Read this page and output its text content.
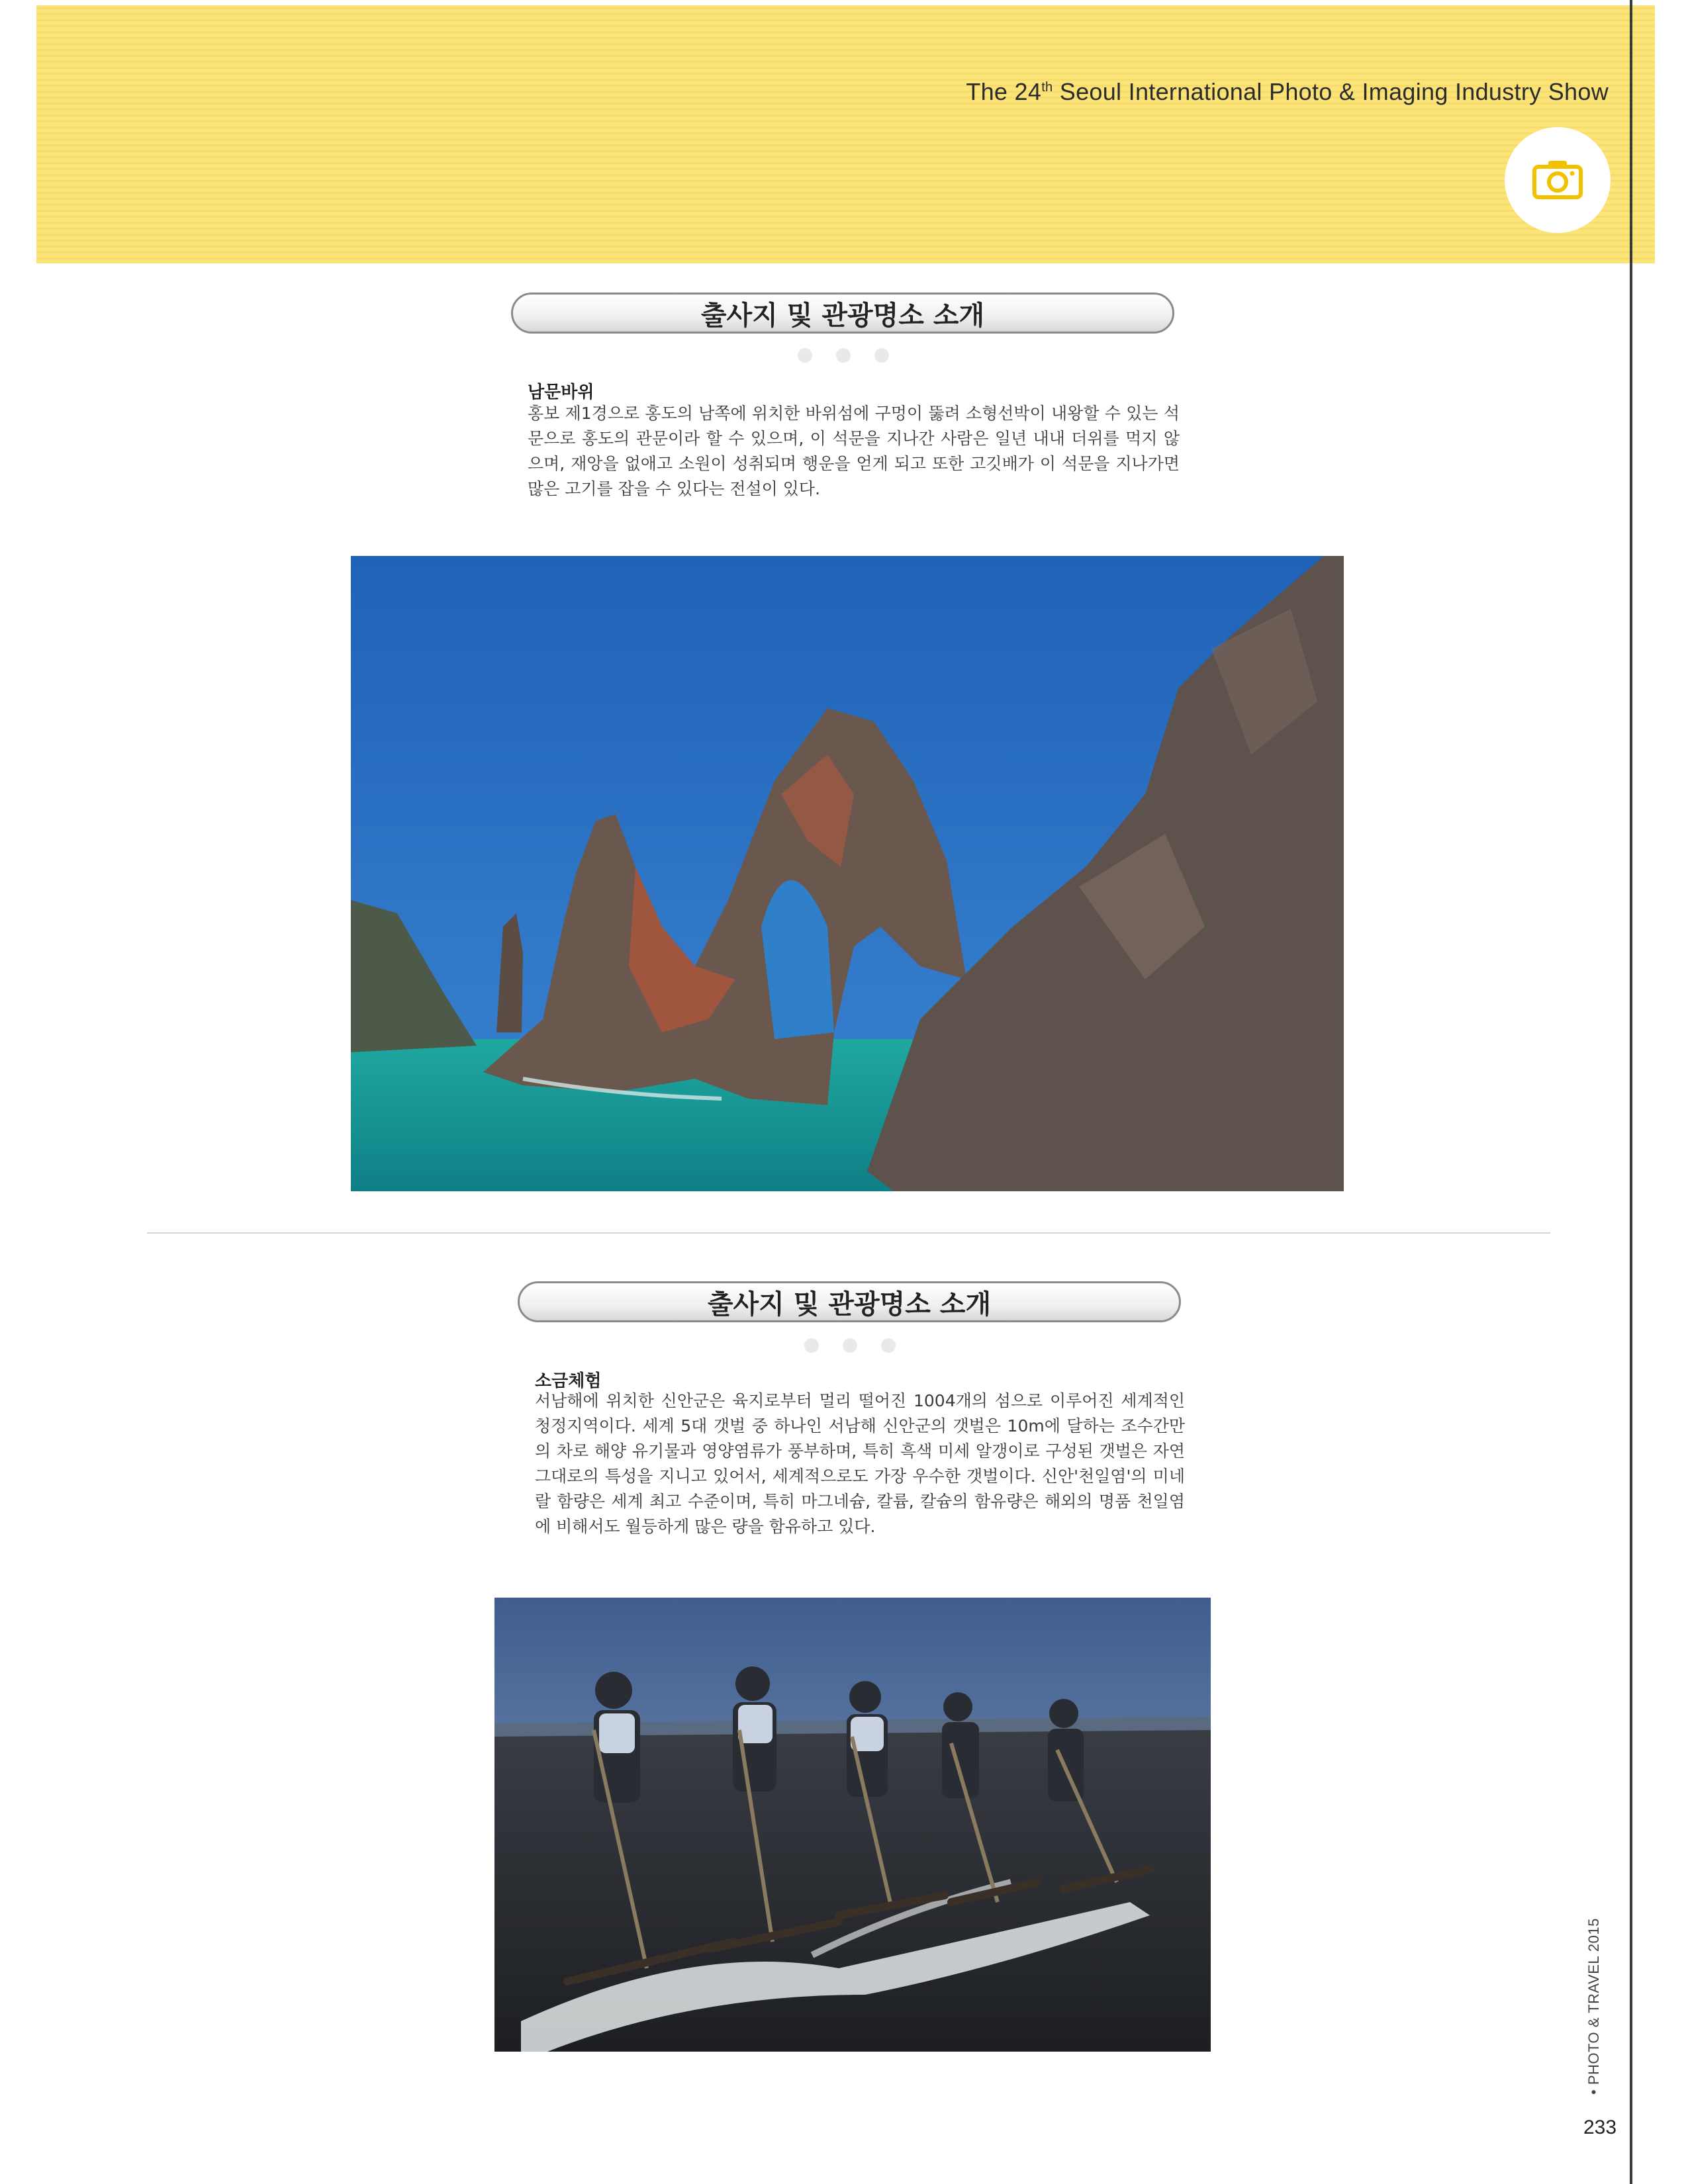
The 24th Seoul International Photo & Imaging Industry Show
출사지 및 관광명소 소개
남문바위
홍보 제1경으로 홍도의 남쪽에 위치한 바위섬에 구멍이 뚫려 소형선박이 내왕할 수 있는 석문으로 홍도의 관문이라 할 수 있으며, 이 석문을 지나간 사람은 일년 내내 더위를 먹지 않으며, 재앙을 없애고 소원이 성취되며 행운을 얻게 되고 또한 고깃배가 이 석문을 지나가면 많은 고기를 잡을 수 있다는 전설이 있다.
출사지 및 관광명소 소개
소금체험
서남해에 위치한 신안군은 육지로부터 멀리 떨어진 1004개의 섬으로 이루어진 세계적인 청정지역이다. 세계 5대 갯벌 중 하나인 서남해 신안군의 갯벌은 10m에 달하는 조수간만의 차로 해양 유기물과 영양염류가 풍부하며, 특히 흑색 미세 알갱이로 구성된 갯벌은 자연 그대로의 특성을 지니고 있어서, 세계적으로도 가장 우수한 갯벌이다. 신안'천일염'의 미네랄 함량은 세계 최고 수준이며, 특히 마그네슘, 칼륨, 칼슘의 함유량은 해외의 명품 천일염에 비해서도 월등하게 많은 량을 함유하고 있다.
• PHOTO & TRAVEL 2015
233
